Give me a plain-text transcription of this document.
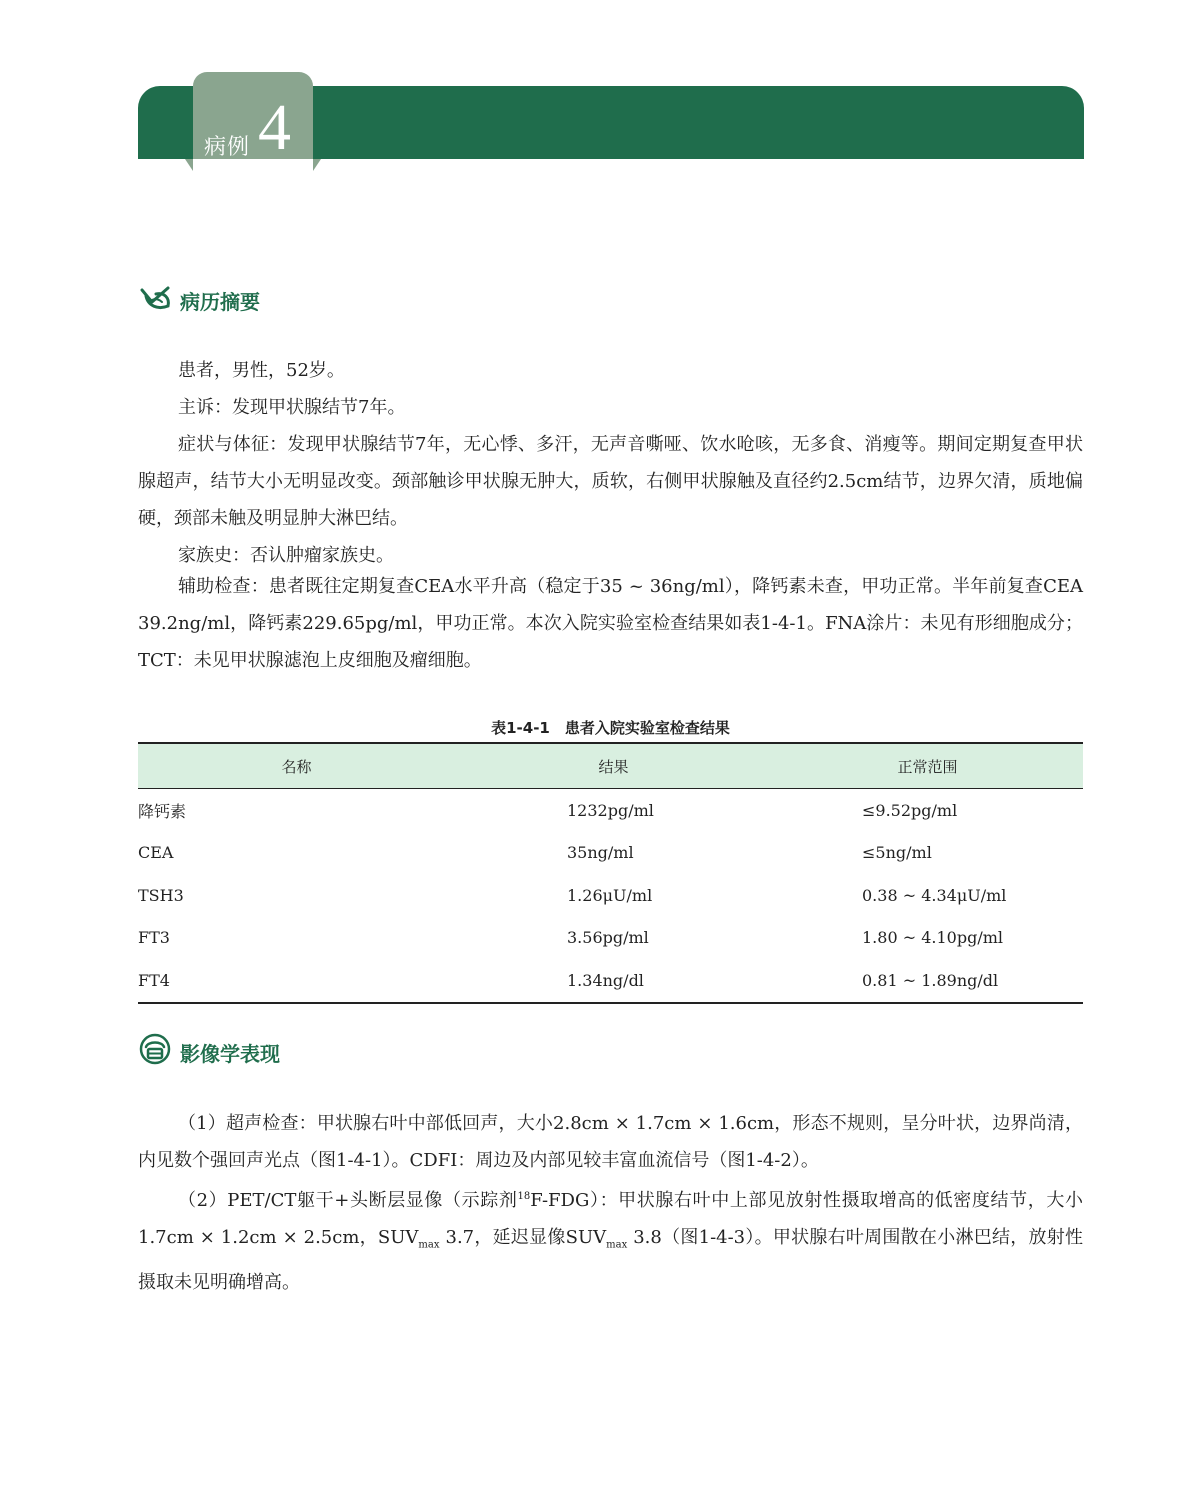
病例 4
病历摘要
患者，男性，52岁。
主诉：发现甲状腺结节7年。
症状与体征：发现甲状腺结节7年，无心悸、多汗，无声音嘶哑、饮水呛咳，无多食、消瘦等。期间定期复查甲状腺超声，结节大小无明显改变。颈部触诊甲状腺无肿大，质软，右侧甲状腺触及直径约2.5cm结节，边界欠清，质地偏硬，颈部未触及明显肿大淋巴结。
家族史：否认肿瘤家族史。
辅助检查：患者既往定期复查CEA水平升高（稳定于35 ~ 36ng/ml），降钙素未查，甲功正常。半年前复查CEA 39.2ng/ml，降钙素229.65pg/ml，甲功正常。本次入院实验室检查结果如表1-4-1。FNA涂片：未见有形细胞成分；TCT：未见甲状腺滤泡上皮细胞及瘤细胞。
表1-4-1　患者入院实验室检查结果
名称	结果	正常范围
降钙素	1232pg/ml	≤9.52pg/ml
CEA	35ng/ml	≤5ng/ml
TSH3	1.26μU/ml	0.38 ~ 4.34μU/ml
FT3	3.56pg/ml	1.80 ~ 4.10pg/ml
FT4	1.34ng/dl	0.81 ~ 1.89ng/dl
影像学表现
（1）超声检查：甲状腺右叶中部低回声，大小2.8cm × 1.7cm × 1.6cm，形态不规则，呈分叶状，边界尚清，内见数个强回声光点（图1-4-1）。CDFI：周边及内部见较丰富血流信号（图1-4-2）。
（2）PET/CT躯干+头断层显像（示踪剂$^{18}$F-FDG）：甲状腺右叶中上部见放射性摄取增高的低密度结节，大小1.7cm × 1.2cm × 2.5cm，$SUV_{max}$ 3.7，延迟显像$SUV_{max}$ 3.8（图1-4-3）。甲状腺右叶周围散在小淋巴结，放射性摄取未见明确增高。
